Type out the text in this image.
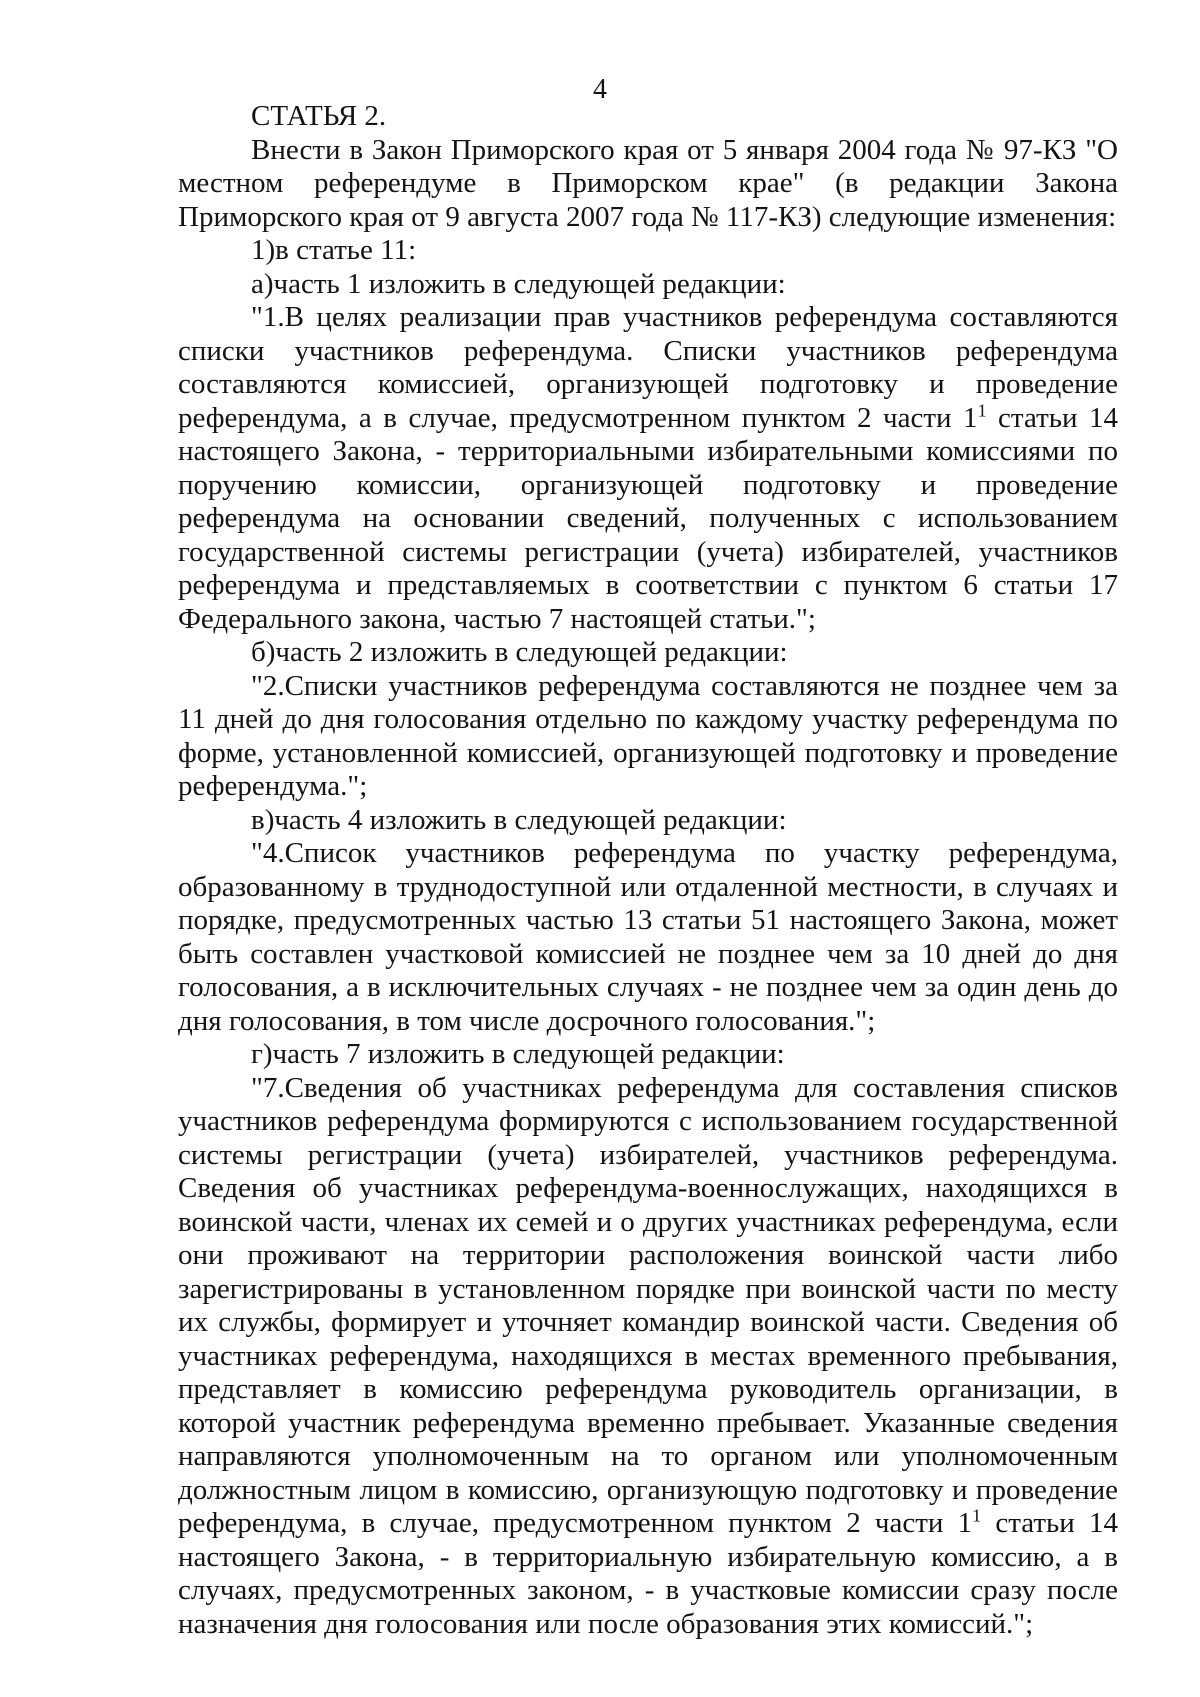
4

СТАТЬЯ 2.

Внести в Закон Приморского края от 5 января 2004 года № 97-КЗ "О местном референдуме в Приморском крае" (в редакции Закона Приморского края от 9 августа 2007 года № 117-КЗ) следующие изменения:

1)в статье 11:

а)часть 1 изложить в следующей редакции:

"1.В целях реализации прав участников референдума составляются списки участников референдума. Списки участников референдума составляются комиссией, организующей подготовку и проведение референдума, а в случае, предусмотренном пунктом 2 части $1^1$ статьи 14 настоящего Закона, - территориальными избирательными комиссиями по поручению комиссии, организующей подготовку и проведение референдума на основании сведений, полученных с использованием государственной системы регистрации (учета) избирателей, участников референдума и представляемых в соответствии с пунктом 6 статьи 17 Федерального закона, частью 7 настоящей статьи.";

б)часть 2 изложить в следующей редакции:

"2.Списки участников референдума составляются не позднее чем за 11 дней до дня голосования отдельно по каждому участку референдума по форме, установленной комиссией, организующей подготовку и проведение референдума.";

в)часть 4 изложить в следующей редакции:

"4.Список участников референдума по участку референдума, образованному в труднодоступной или отдаленной местности, в случаях и порядке, предусмотренных частью 13 статьи 51 настоящего Закона, может быть составлен участковой комиссией не позднее чем за 10 дней до дня голосования, а в исключительных случаях - не позднее чем за один день до дня голосования, в том числе досрочного голосования.";

г)часть 7 изложить в следующей редакции:

"7.Сведения об участниках референдума для составления списков участников референдума формируются с использованием государственной системы регистрации (учета) избирателей, участников референдума. Сведения об участниках референдума-военнослужащих, находящихся в воинской части, членах их семей и о других участниках референдума, если они проживают на территории расположения воинской части либо зарегистрированы в установленном порядке при воинской части по месту их службы, формирует и уточняет командир воинской части. Сведения об участниках референдума, находящихся в местах временного пребывания, представляет в комиссию референдума руководитель организации, в которой участник референдума временно пребывает. Указанные сведения направляются уполномоченным на то органом или уполномоченным должностным лицом в комиссию, организующую подготовку и проведение референдума, в случае, предусмотренном пунктом 2 части $1^1$ статьи 14 настоящего Закона, - в территориальную избирательную комиссию, а в случаях, предусмотренных законом, - в участковые комиссии сразу после назначения дня голосования или после образования этих комиссий.";
